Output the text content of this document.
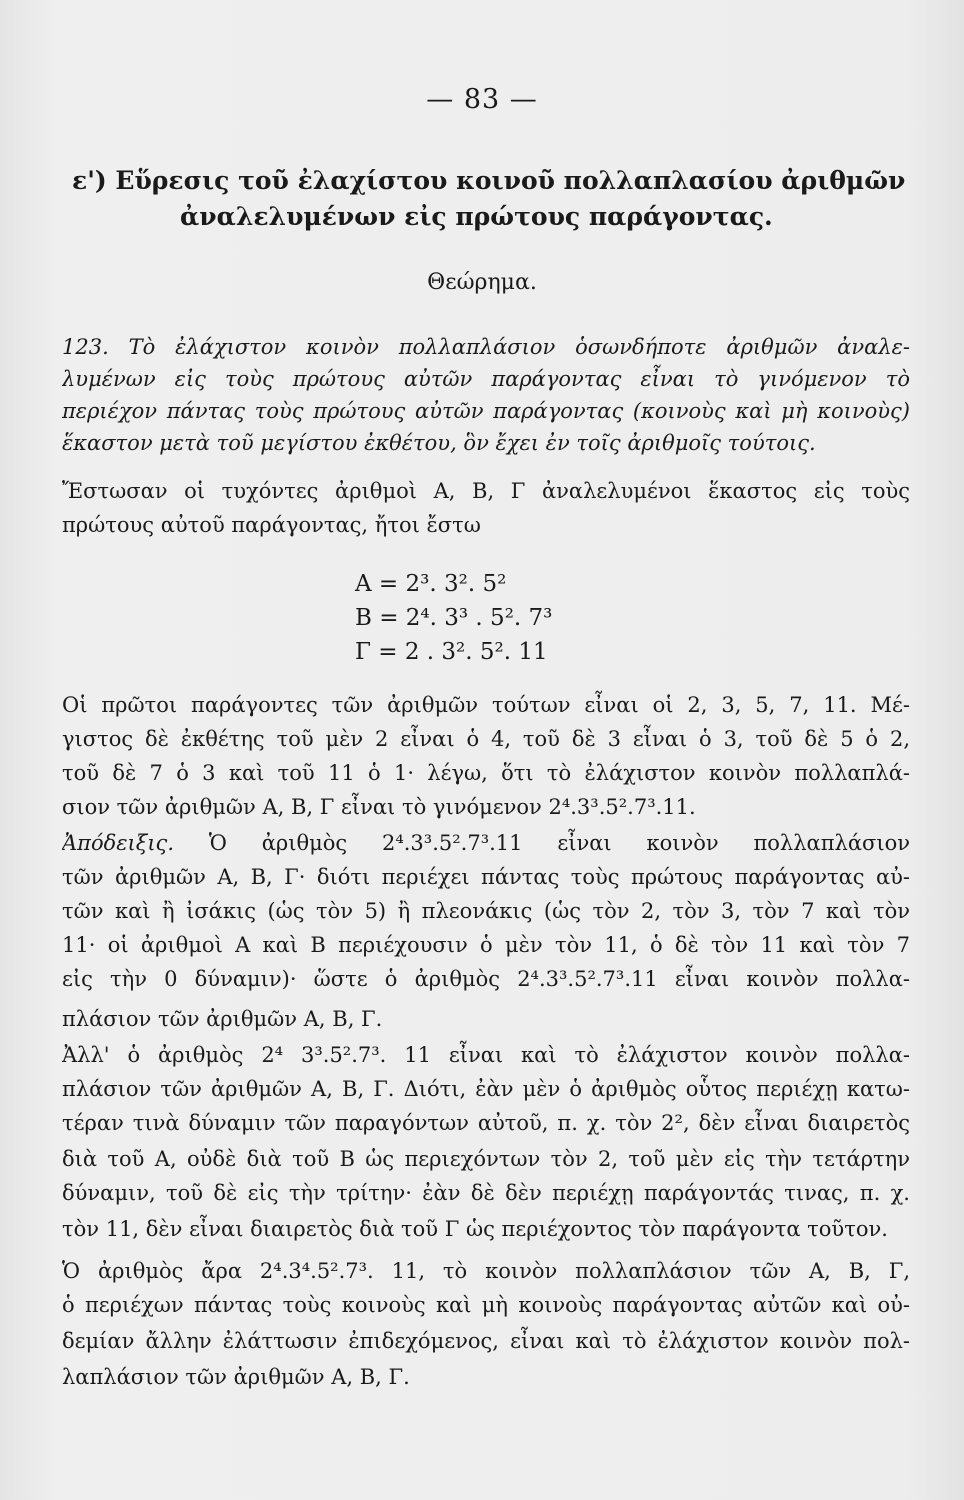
— 83 —
ε') Εὕρεσις τοῦ ἐλαχίστου κοινοῦ πολλαπλασίου ἀριθμῶν
ἀναλελυμένων εἰς πρώτους παράγοντας.
Θεώρημα.
123. Τὸ ἐλάχιστον κοινὸν πολλαπλάσιον ὁσωνδήποτε ἀριθμῶν ἀναλε-
λυμένων εἰς τοὺς πρώτους αὐτῶν παράγοντας εἶναι τὸ γινόμενον τὸ
περιέχον πάντας τοὺς πρώτους αὐτῶν παράγοντας (κοινοὺς καὶ μὴ κοινοὺς)
ἕκαστον μετὰ τοῦ μεγίστου ἐκθέτου, ὃν ἔχει ἐν τοῖς ἀριθμοῖς τούτοις.
Ἔστωσαν οἱ τυχόντες ἀριθμοὶ Α, Β, Γ ἀναλελυμένοι ἕκαστος εἰς τοὺς
πρώτους αὐτοῦ παράγοντας, ἤτοι ἔστω
Α = 2³. 3². 5²
Β = 2⁴. 3³ . 5². 7³
Γ = 2 . 3². 5². 11
Οἱ πρῶτοι παράγοντες τῶν ἀριθμῶν τούτων εἶναι οἱ 2, 3, 5, 7, 11. Μέ-
γιστος δὲ ἐκθέτης τοῦ μὲν 2 εἶναι ὁ 4, τοῦ δὲ 3 εἶναι ὁ 3, τοῦ δὲ 5 ὁ 2,
τοῦ δὲ 7 ὁ 3 καὶ τοῦ 11 ὁ 1· λέγω, ὅτι τὸ ἐλάχιστον κοινὸν πολλαπλά-
σιον τῶν ἀριθμῶν Α, Β, Γ εἶναι τὸ γινόμενον 2⁴.3³.5².7³.11.
Ἀπόδειξις. Ὁ ἀριθμὸς 2⁴.3³.5².7³.11 εἶναι κοινὸν πολλαπλάσιον
τῶν ἀριθμῶν Α, Β, Γ· διότι περιέχει πάντας τοὺς πρώτους παράγοντας αὐ-
τῶν καὶ ἢ ἰσάκις (ὡς τὸν 5) ἢ πλεονάκις (ὡς τὸν 2, τὸν 3, τὸν 7 καὶ τὸν
11· οἱ ἀριθμοὶ Α καὶ Β περιέχουσιν ὁ μὲν τὸν 11, ὁ δὲ τὸν 11 καὶ τὸν 7
εἰς τὴν 0 δύναμιν)· ὥστε ὁ ἀριθμὸς 2⁴.3³.5².7³.11 εἶναι κοινὸν πολλα-
πλάσιον τῶν ἀριθμῶν Α, Β, Γ.
Ἀλλ' ὁ ἀριθμὸς 2⁴ 3³.5².7³. 11 εἶναι καὶ τὸ ἐλάχιστον κοινὸν πολλα-
πλάσιον τῶν ἀριθμῶν Α, Β, Γ. Διότι, ἐὰν μὲν ὁ ἀριθμὸς οὗτος περιέχῃ κατω-
τέραν τινὰ δύναμιν τῶν παραγόντων αὐτοῦ, π. χ. τὸν 2², δὲν εἶναι διαιρετὸς
διὰ τοῦ Α, οὐδὲ διὰ τοῦ Β ὡς περιεχόντων τὸν 2, τοῦ μὲν εἰς τὴν τετάρτην
δύναμιν, τοῦ δὲ εἰς τὴν τρίτην· ἐὰν δὲ δὲν περιέχῃ παράγοντάς τινας, π. χ.
τὸν 11, δὲν εἶναι διαιρετὸς διὰ τοῦ Γ ὡς περιέχοντος τὸν παράγοντα τοῦτον.
Ὁ ἀριθμὸς ἄρα 2⁴.3⁴.5².7³. 11, τὸ κοινὸν πολλαπλάσιον τῶν Α, Β, Γ,
ὁ περιέχων πάντας τοὺς κοινοὺς καὶ μὴ κοινοὺς παράγοντας αὐτῶν καὶ οὐ-
δεμίαν ἄλλην ἐλάττωσιν ἐπιδεχόμενος, εἶναι καὶ τὸ ἐλάχιστον κοινὸν πολ-
λαπλάσιον τῶν ἀριθμῶν Α, Β, Γ.
